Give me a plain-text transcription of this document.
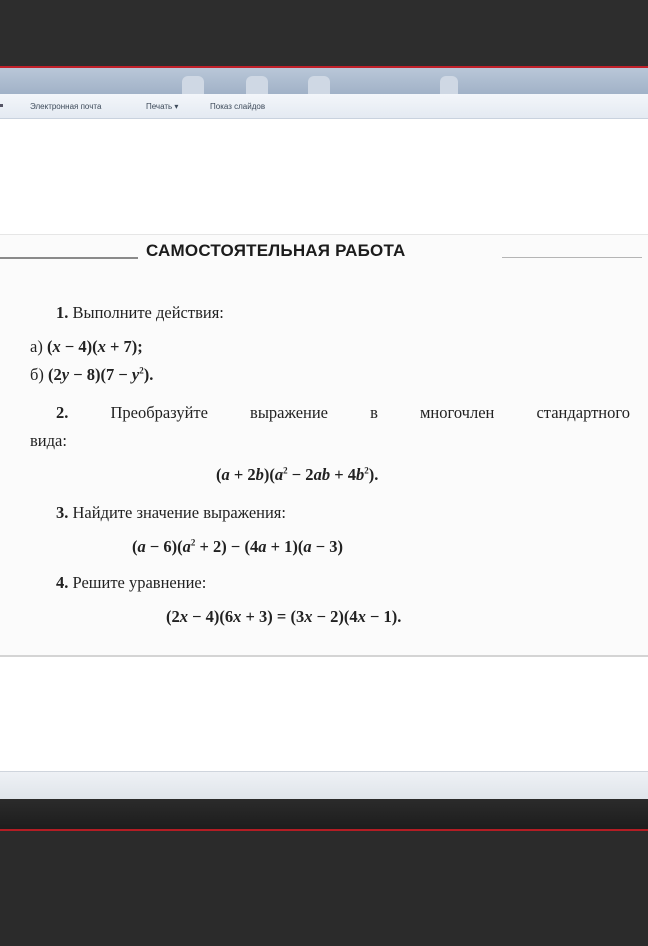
Электронная почта	Печать ▾	Показ слайдов
САМОСТОЯТЕЛЬНАЯ РАБОТА
1. Выполните действия:
а) (x − 4)(x + 7);
б) $(2y - 8)(7 - y^2)$.
2.	Преобразуйте выражение в многочлен стандартного
вида:
$(a + 2b)(a^2 - 2ab + 4b^2)$.
3. Найдите значение выражения:
$(a - 6)(a^2 + 2) - (4a + 1)(a - 3)$
4. Решите уравнение:
(2x − 4)(6x + 3) = (3x − 2)(4x − 1).
